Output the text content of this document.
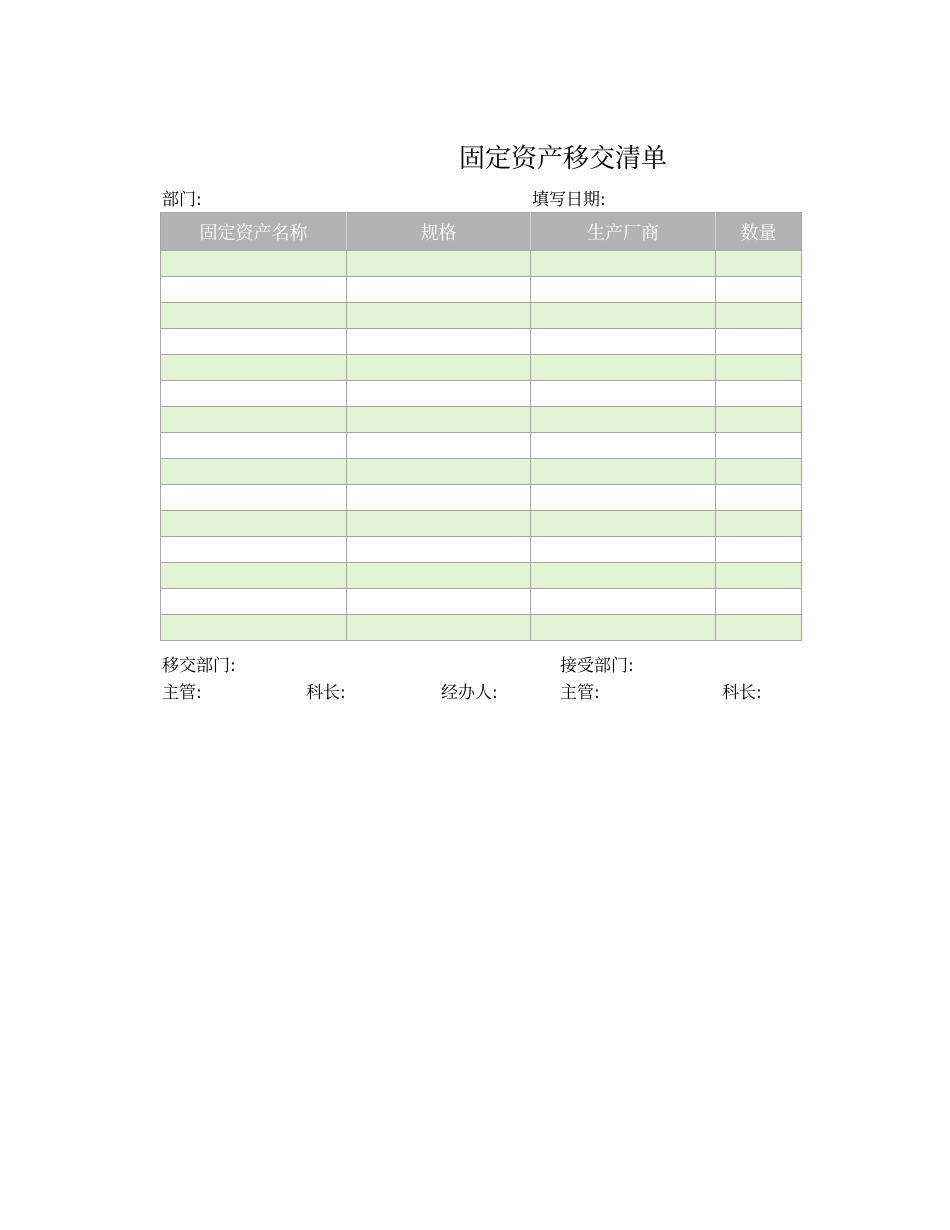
固定资产移交清单
部门:	填写日期:
固定资产名称	规格	生产厂商	数量

移交部门:	接受部门:
主管:	科长:	经办人:	主管:	科长:
